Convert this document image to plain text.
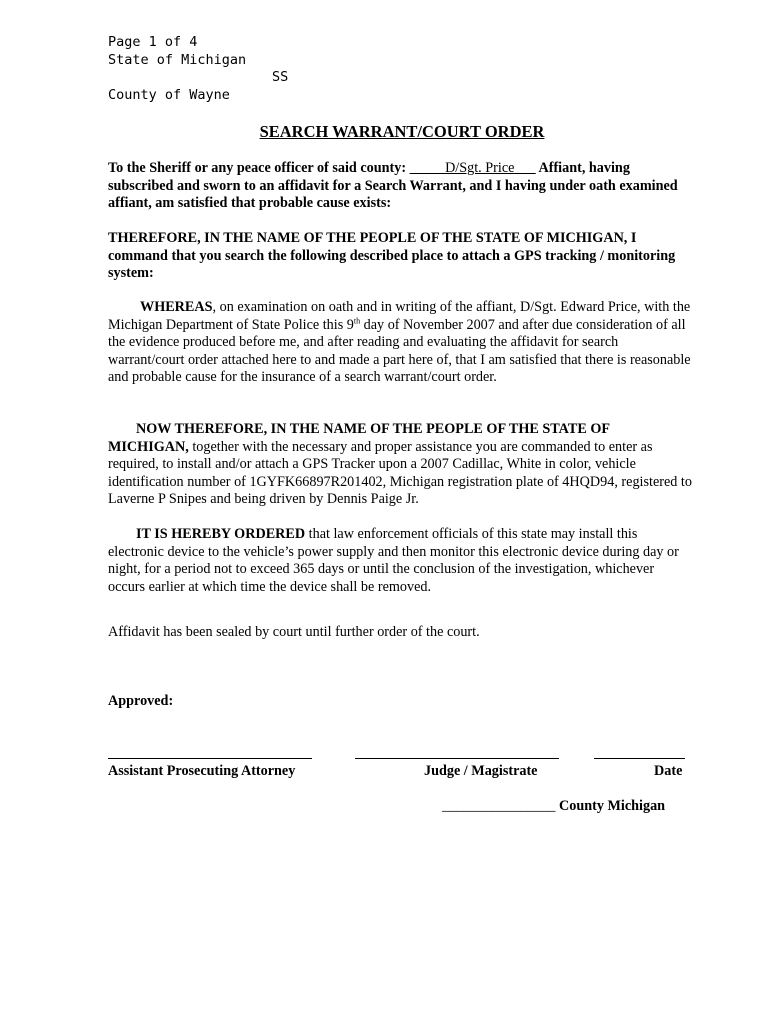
Page 1 of 4
State of Michigan
SS
County of Wayne
SEARCH WARRANT/COURT ORDER
To the Sheriff or any peace officer of said county:	D/Sgt. Price Affiant, having subscribed and sworn to an affidavit for a Search Warrant, and I having under oath examined affiant, am satisfied that probable cause exists:
THEREFORE, IN THE NAME OF THE PEOPLE OF THE STATE OF MICHIGAN, I command that you search the following described place to attach a GPS tracking / monitoring system:
WHEREAS, on examination on oath and in writing of the affiant, D/Sgt. Edward Price, with the Michigan Department of State Police this 9th day of November 2007 and after due consideration of all the evidence produced before me, and after reading and evaluating the affidavit for search warrant/court order attached here to and made a part here of, that I am satisfied that there is reasonable and probable cause for the insurance of a search warrant/court order.
NOW THEREFORE, IN THE NAME OF THE PEOPLE OF THE STATE OF MICHIGAN, together with the necessary and proper assistance you are commanded to enter as required, to install and/or attach a GPS Tracker upon a 2007 Cadillac, White in color, vehicle identification number of 1GYFK66897R201402, Michigan registration plate of 4HQD94, registered to Laverne P Snipes and being driven by Dennis Paige Jr.
IT IS HEREBY ORDERED that law enforcement officials of this state may install this electronic device to the vehicle’s power supply and then monitor this electronic device during day or night, for a period not to exceed 365 days or until the conclusion of the investigation, whichever occurs earlier at which time the device shall be removed.
Affidavit has been sealed by court until further order of the court.
Approved:
Assistant Prosecuting Attorney	Judge / Magistrate	Date
________________ County Michigan
